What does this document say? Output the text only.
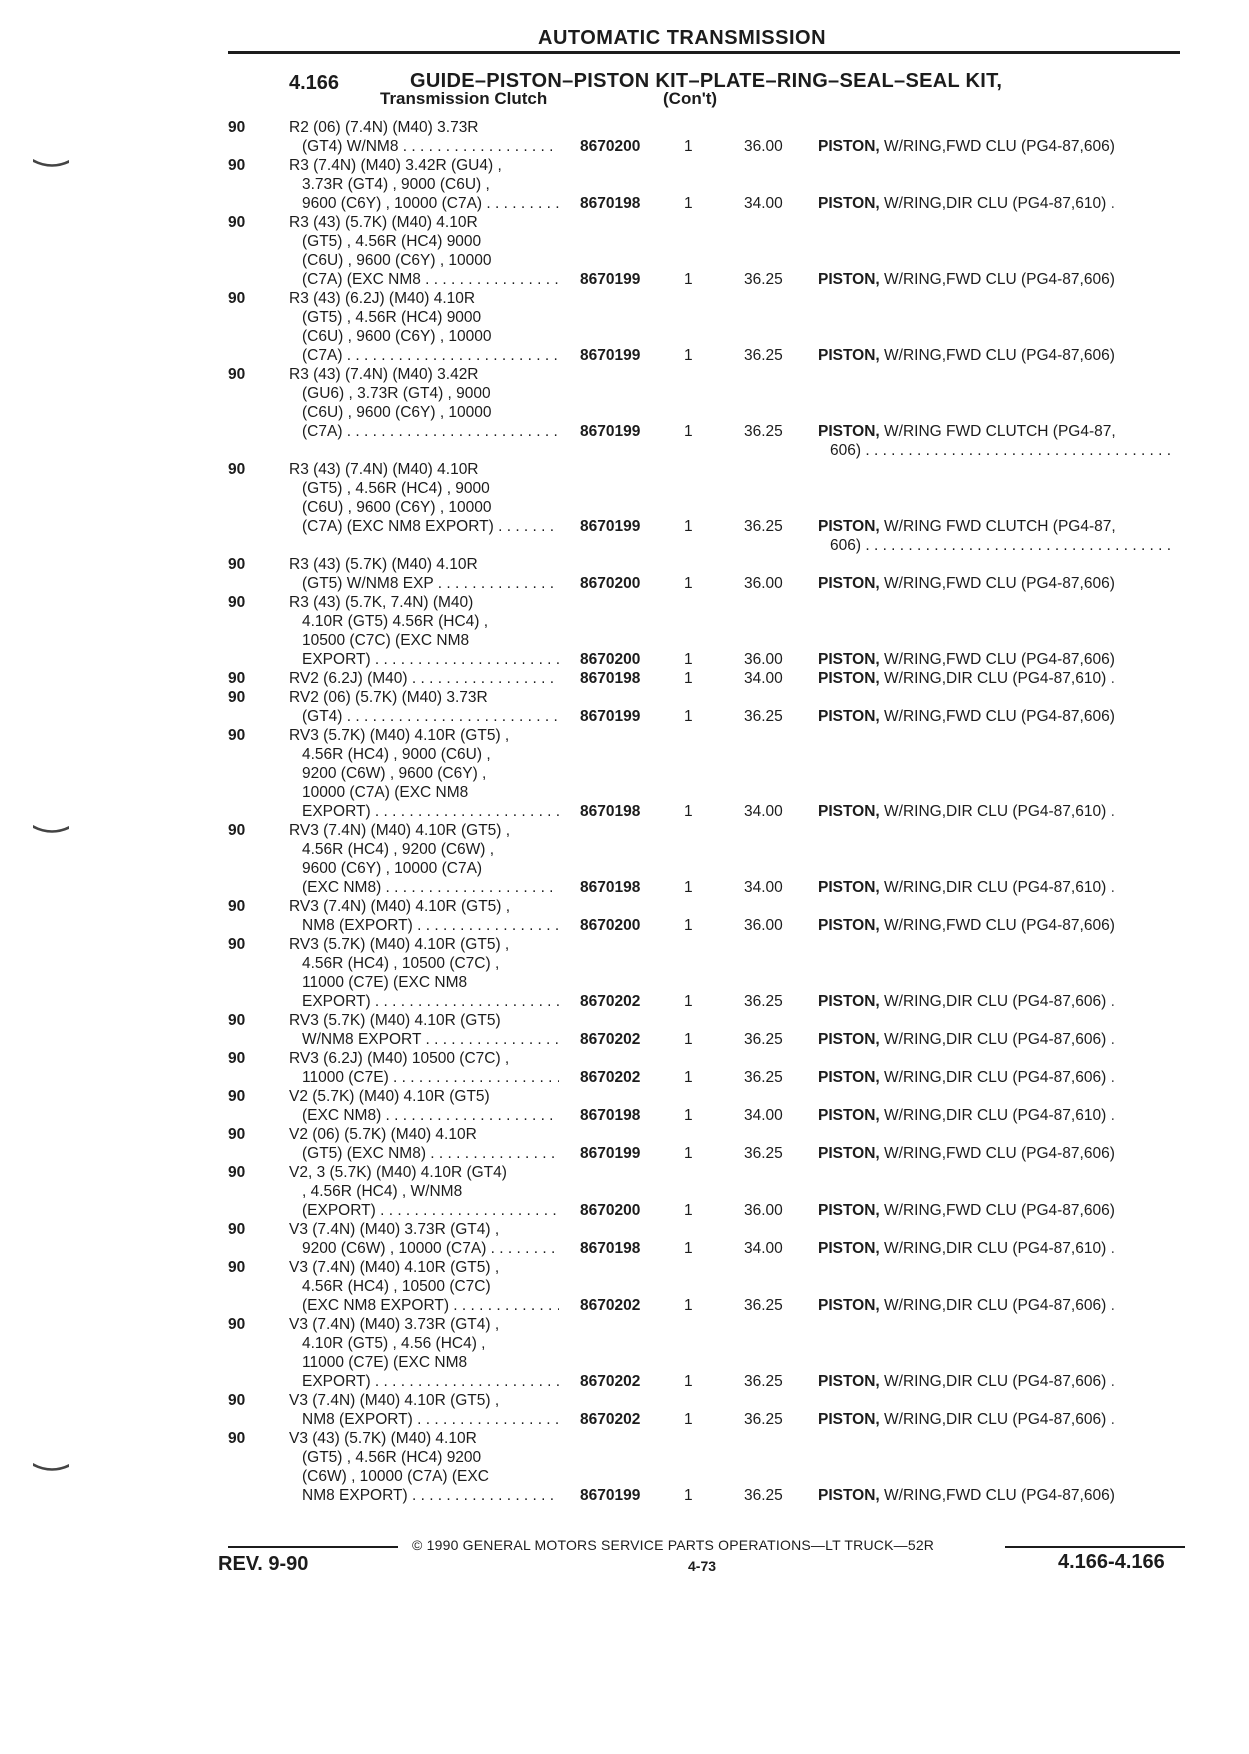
AUTOMATIC TRANSMISSION
4.166	GUIDE–PISTON–PISTON KIT–PLATE–RING–SEAL–SEAL KIT,
Transmission Clutch	(Con't)
90	R2 (06) (7.4N) (M40) 3.73R
(GT4) W/NM8 . . .	8670200	1	36.00 PISTON, W/RING,FWD CLU (PG4-87,606)
90	R3 (7.4N) (M40) 3.42R (GU4) ,
3.73R (GT4) , 9000 (C6U) ,
9600 (C6Y) , 10000 (C7A) . . .	8670198	1	34.00 PISTON, W/RING,DIR CLU (PG4-87,610) .
90	R3 (43) (5.7K) (M40) 4.10R
(GT5) , 4.56R (HC4) 9000
(C6U) , 9600 (C6Y) , 10000
(C7A) (EXC NM8 . . .	8670199	1	36.25 PISTON, W/RING,FWD CLU (PG4-87,606)
90	R3 (43) (6.2J) (M40) 4.10R
(GT5) , 4.56R (HC4) 9000
(C6U) , 9600 (C6Y) , 10000
(C7A) . . .	8670199	1	36.25 PISTON, W/RING,FWD CLU (PG4-87,606)
90	R3 (43) (7.4N) (M40) 3.42R
(GU6) , 3.73R (GT4) , 9000
(C6U) , 9600 (C6Y) , 10000
(C7A) . . .
	8670199	1	36.25 PISTON, W/RING FWD CLUTCH (PG4-87,
606) . . .
90	R3 (43) (7.4N) (M40) 4.10R
(GT5) , 4.56R (HC4) , 9000
(C6U) , 9600 (C6Y) , 10000
(C7A) (EXC NM8 EXPORT) . . .
	8670199	1	36.25 PISTON, W/RING FWD CLUTCH (PG4-87,
606) . . .
90	R3 (43) (5.7K) (M40) 4.10R
(GT5) W/NM8 EXP . . .	8670200	1	36.00 PISTON, W/RING,FWD CLU (PG4-87,606)
90	R3 (43) (5.7K, 7.4N) (M40)
4.10R (GT5) 4.56R (HC4) ,
10500 (C7C) (EXC NM8
EXPORT) . . .	8670200	1	36.00 PISTON, W/RING,FWD CLU (PG4-87,606)
90	RV2 (6.2J) (M40) . . .	8670198	1	34.00 PISTON, W/RING,DIR CLU (PG4-87,610) .
90	RV2 (06) (5.7K) (M40) 3.73R
(GT4) . . .	8670199	1	36.25 PISTON, W/RING,FWD CLU (PG4-87,606)
90	RV3 (5.7K) (M40) 4.10R (GT5) ,
4.56R (HC4) , 9000 (C6U) ,
9200 (C6W) , 9600 (C6Y) ,
10000 (C7A) (EXC NM8
EXPORT) . . .	8670198	1	34.00 PISTON, W/RING,DIR CLU (PG4-87,610) .
90	RV3 (7.4N) (M40) 4.10R (GT5) ,
4.56R (HC4) , 9200 (C6W) ,
9600 (C6Y) , 10000 (C7A)
(EXC NM8) . . .	8670198	1	34.00 PISTON, W/RING,DIR CLU (PG4-87,610) .
90	RV3 (7.4N) (M40) 4.10R (GT5) ,
NM8 (EXPORT) . . .	8670200	1	36.00 PISTON, W/RING,FWD CLU (PG4-87,606)
90	RV3 (5.7K) (M40) 4.10R (GT5) ,
4.56R (HC4) , 10500 (C7C) ,
11000 (C7E) (EXC NM8
EXPORT) . . .	8670202	1	36.25 PISTON, W/RING,DIR CLU (PG4-87,606) .
90	RV3 (5.7K) (M40) 4.10R (GT5)
W/NM8 EXPORT . . .	8670202	1	36.25 PISTON, W/RING,DIR CLU (PG4-87,606) .
90	RV3 (6.2J) (M40) 10500 (C7C) ,
11000 (C7E) . . .	8670202	1	36.25 PISTON, W/RING,DIR CLU (PG4-87,606) .
90	V2 (5.7K) (M40) 4.10R (GT5)
(EXC NM8) . . .	8670198	1	34.00 PISTON, W/RING,DIR CLU (PG4-87,610) .
90	V2 (06) (5.7K) (M40) 4.10R
(GT5) (EXC NM8) . . .	8670199	1	36.25 PISTON, W/RING,FWD CLU (PG4-87,606)
90	V2, 3 (5.7K) (M40) 4.10R (GT4)
, 4.56R (HC4) , W/NM8
(EXPORT) . . .	8670200	1	36.00 PISTON, W/RING,FWD CLU (PG4-87,606)
90	V3 (7.4N) (M40) 3.73R (GT4) ,
9200 (C6W) , 10000 (C7A) . . .	8670198	1	34.00 PISTON, W/RING,DIR CLU (PG4-87,610) .
90	V3 (7.4N) (M40) 4.10R (GT5) ,
4.56R (HC4) , 10500 (C7C)
(EXC NM8 EXPORT) . . .	8670202	1	36.25 PISTON, W/RING,DIR CLU (PG4-87,606) .
90	V3 (7.4N) (M40) 3.73R (GT4) ,
4.10R (GT5) , 4.56 (HC4) ,
11000 (C7E) (EXC NM8
EXPORT) . . .	8670202	1	36.25 PISTON, W/RING,DIR CLU (PG4-87,606) .
90	V3 (7.4N) (M40) 4.10R (GT5) ,
NM8 (EXPORT) . . .	8670202	1	36.25 PISTON, W/RING,DIR CLU (PG4-87,606) .
90	V3 (43) (5.7K) (M40) 4.10R
(GT5) , 4.56R (HC4) 9200
(C6W) , 10000 (C7A) (EXC
NM8 EXPORT) . . .	8670199	1	36.25 PISTON, W/RING,FWD CLU (PG4-87,606)
© 1990 GENERAL MOTORS SERVICE PARTS OPERATIONS—LT TRUCK—52R
REV. 9-90	4-73	4.166-4.166
